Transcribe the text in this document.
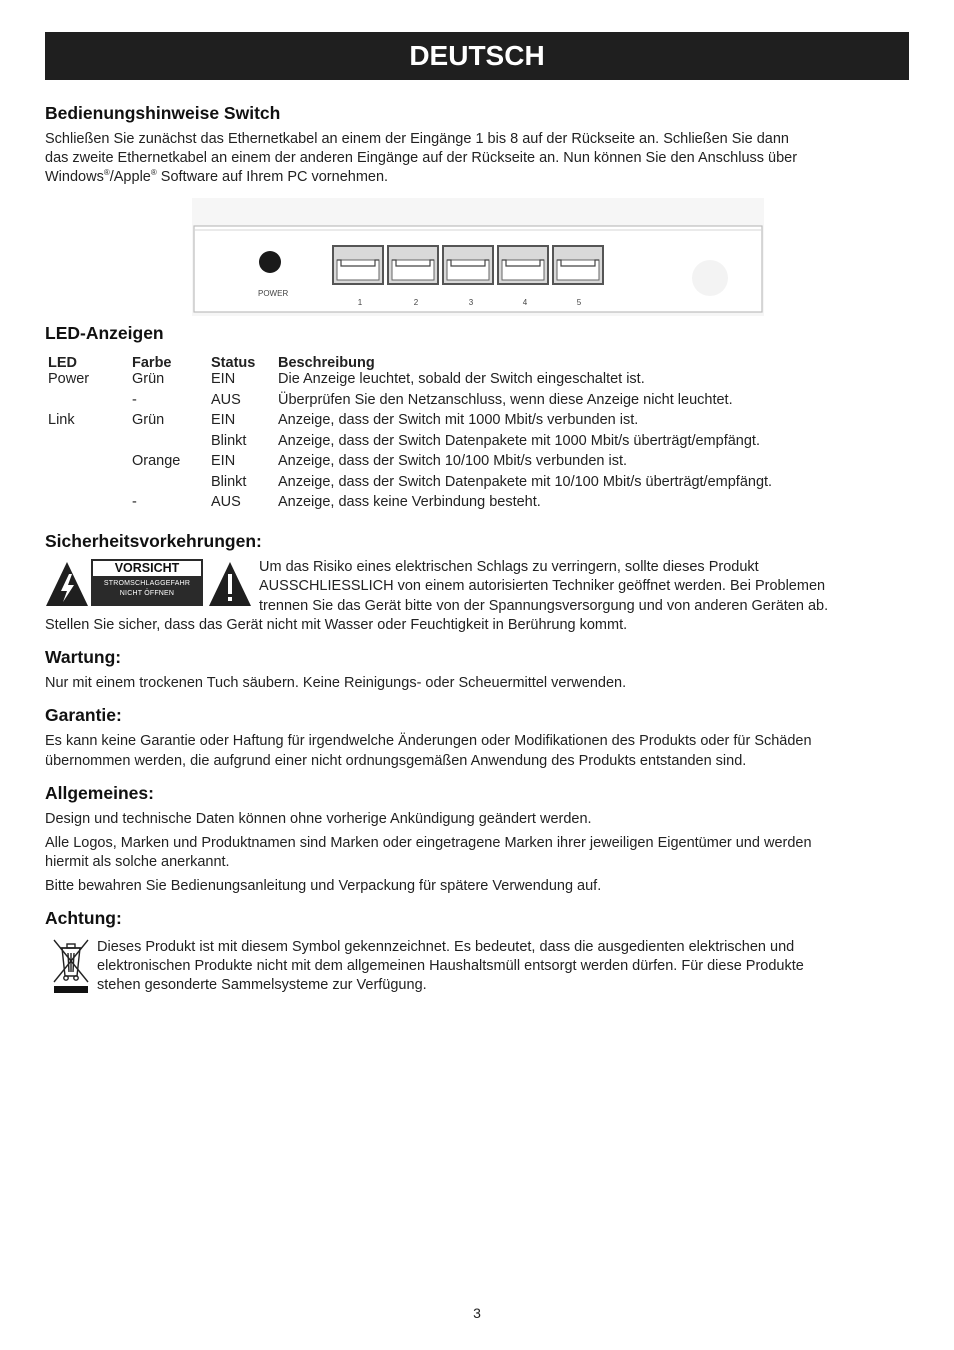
DEUTSCH
Bedienungshinweise Switch

Schließen Sie zunächst das Ethernetkabel an einem der Eingänge 1 bis 8 auf der Rückseite an. Schließen Sie dann

das zweite Ethernetkabel an einem der anderen Eingänge auf der Rückseite an. Nun können Sie den Anschluss über

Windows®/Apple® Software auf Ihrem PC vornehmen.

POWER
1	2	3	4	5
LED-Anzeigen
LED	Farbe	Status	Beschreibung
Power	Grün	EIN	Die Anzeige leuchtet, sobald der Switch eingeschaltet ist.
	-	AUS	Überprüfen Sie den Netzanschluss, wenn diese Anzeige nicht leuchtet.
Link	Grün	EIN	Anzeige, dass der Switch mit 1000 Mbit/s verbunden ist.
		Blinkt	Anzeige, dass der Switch Datenpakete mit 1000 Mbit/s überträgt/empfängt.
	Orange	EIN	Anzeige, dass der Switch 10/100 Mbit/s verbunden ist.
		Blinkt	Anzeige, dass der Switch Datenpakete mit 10/100 Mbit/s überträgt/empfängt.
	-	AUS	Anzeige, dass keine Verbindung besteht.
Sicherheitsvorkehrungen:
VORSICHT
STROMSCHLAGGEFAHR
NICHT ÖFFNEN

Um das Risiko eines elektrischen Schlags zu verringern, sollte dieses Produkt

AUSSCHLIESSLICH von einem autorisierten Techniker geöffnet werden. Bei Problemen

trennen Sie das Gerät bitte von der Spannungsversorgung und von anderen Geräten ab.

Stellen Sie sicher, dass das Gerät nicht mit Wasser oder Feuchtigkeit in Berührung kommt.

Wartung:

Nur mit einem trockenen Tuch säubern. Keine Reinigungs- oder Scheuermittel verwenden.

Garantie:

Es kann keine Garantie oder Haftung für irgendwelche Änderungen oder Modifikationen des Produkts oder für Schäden

übernommen werden, die aufgrund einer nicht ordnungsgemäßen Anwendung des Produkts entstanden sind.

Allgemeines:

Design und technische Daten können ohne vorherige Ankündigung geändert werden.

Alle Logos, Marken und Produktnamen sind Marken oder eingetragene Marken ihrer jeweiligen Eigentümer und werden

hiermit als solche anerkannt.

Bitte bewahren Sie Bedienungsanleitung und Verpackung für spätere Verwendung auf.

Achtung:

Dieses Produkt ist mit diesem Symbol gekennzeichnet. Es bedeutet, dass die ausgedienten elektrischen und

elektronischen Produkte nicht mit dem allgemeinen Haushaltsmüll entsorgt werden dürfen. Für diese Produkte

stehen gesonderte Sammelsysteme zur Verfügung.

3
